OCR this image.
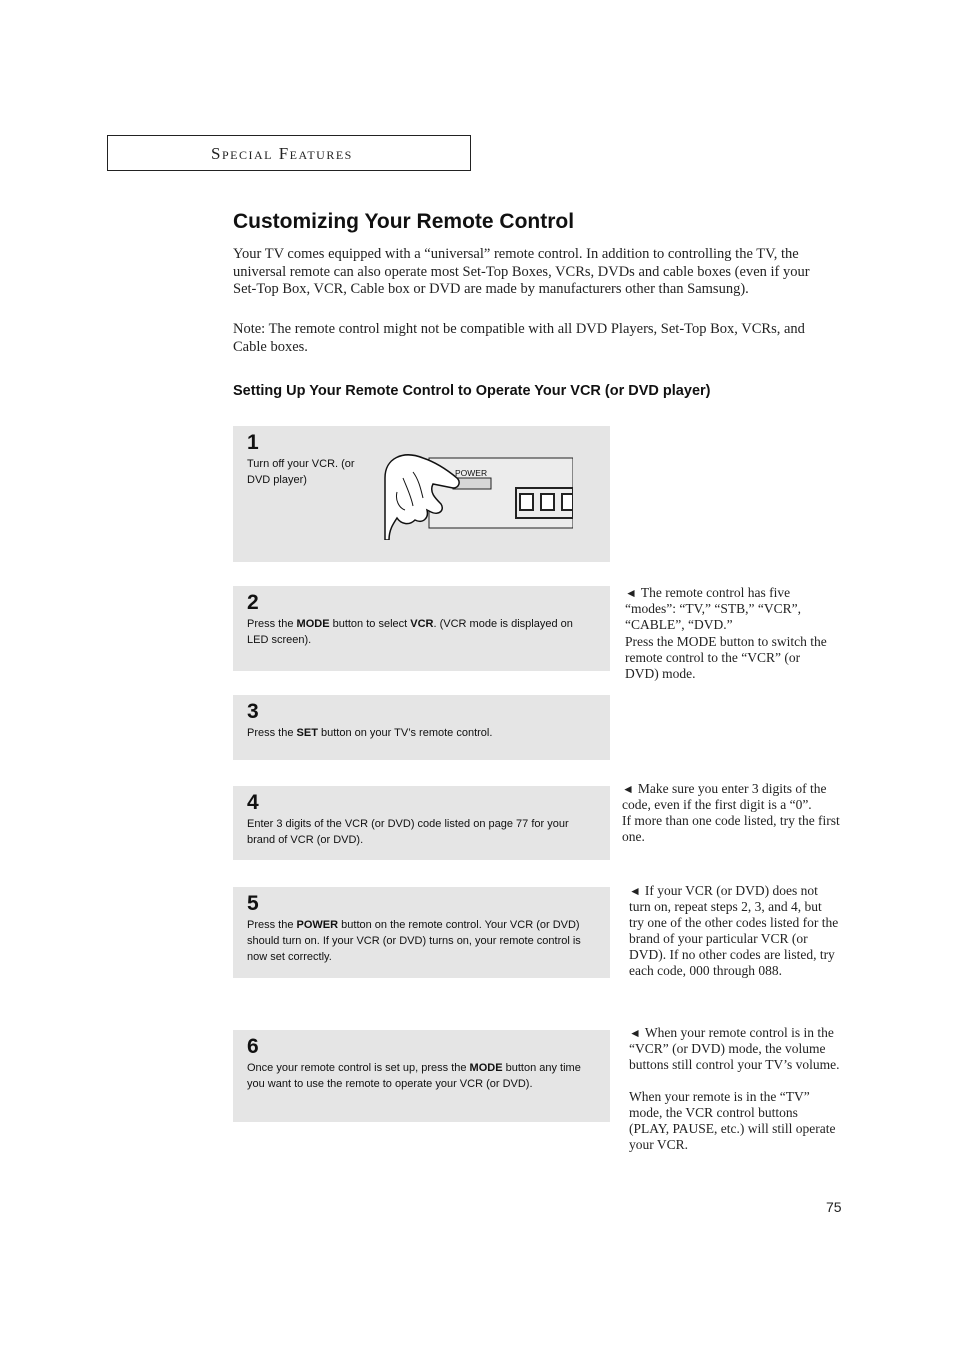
Special Features
Customizing Your Remote Control

Your TV comes equipped with a “universal” remote control. In addition to controlling the TV, the universal remote can also operate most Set-Top Boxes, VCRs, DVDs and cable boxes (even if your Set-Top Box, VCR, Cable box or DVD are made by manufacturers other than Samsung).

Note: The remote control might not be compatible with all DVD Players, Set-Top Box, VCRs, and Cable boxes.

Setting Up Your Remote Control to Operate Your VCR (or DVD player)
1
Turn off your VCR. (or DVD player)
POWER
2
Press the MODE button to select VCR. (VCR mode is displayed on LED screen).
3
Press the SET button on your TV’s remote control.
4
Enter 3 digits of the VCR (or DVD) code listed on page 77 for your brand of VCR (or DVD).
5
Press the POWER button on the remote control. Your VCR (or DVD) should turn on. If your VCR (or DVD) turns on, your remote control is now set correctly.
6
Once your remote control is set up, press the MODE button any time you want to use the remote to operate your VCR (or DVD).
◄ The remote control has five “modes”: “TV,” “STB,” “VCR”, “CABLE”, “DVD.”
Press the MODE button to switch the remote control to the “VCR” (or DVD) mode.
◄ Make sure you enter 3 digits of the code, even if the first digit is a “0”.
If more than one code listed, try the first one.
◄ If your VCR (or DVD) does not turn on, repeat steps 2, 3, and 4, but try one of the other codes listed for the brand of your particular VCR (or DVD). If no other codes are listed, try each code, 000 through 088.
◄ When your remote control is in the “VCR” (or DVD) mode, the volume buttons still control your TV’s volume.
When your remote is in the “TV” mode, the VCR control buttons (PLAY, PAUSE, etc.) will still operate your VCR.
75
